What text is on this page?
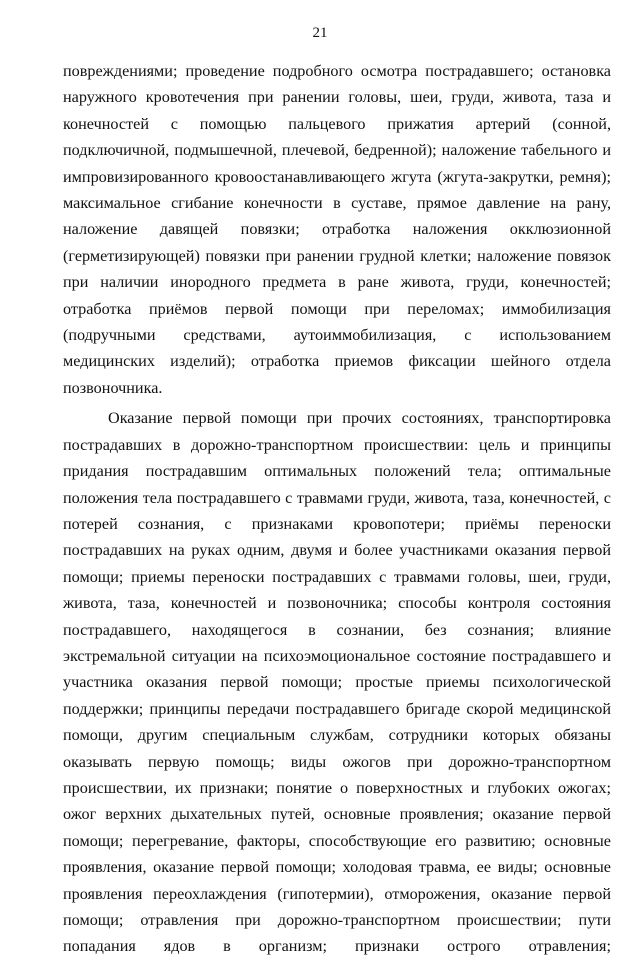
21

повреждениями; проведение подробного осмотра пострадавшего; остановка наружного кровотечения при ранении головы, шеи, груди, живота, таза и конечностей с помощью пальцевого прижатия артерий (сонной, подключичной, подмышечной, плечевой, бедренной); наложение табельного и импровизированного кровоостанавливающего жгута (жгута-закрутки, ремня); максимальное сгибание конечности в суставе, прямое давление на рану, наложение давящей повязки; отработка наложения окклюзионной (герметизирующей) повязки при ранении грудной клетки; наложение повязок при наличии инородного предмета в ране живота, груди, конечностей; отработка приёмов первой помощи при переломах; иммобилизация (подручными средствами, аутоиммобилизация, с использованием медицинских изделий); отработка приемов фиксации шейного отдела позвоночника.

Оказание первой помощи при прочих состояниях, транспортировка пострадавших в дорожно-транспортном происшествии: цель и принципы придания пострадавшим оптимальных положений тела; оптимальные положения тела пострадавшего с травмами груди, живота, таза, конечностей, с потерей сознания, с признаками кровопотери; приёмы переноски пострадавших на руках одним, двумя и более участниками оказания первой помощи; приемы переноски пострадавших с травмами головы, шеи, груди, живота, таза, конечностей и позвоночника; способы контроля состояния пострадавшего, находящегося в сознании, без сознания; влияние экстремальной ситуации на психоэмоциональное состояние пострадавшего и участника оказания первой помощи; простые приемы психологической поддержки; принципы передачи пострадавшего бригаде скорой медицинской помощи, другим специальным службам, сотрудники которых обязаны оказывать первую помощь; виды ожогов при дорожно-транспортном происшествии, их признаки; понятие о поверхностных и глубоких ожогах; ожог верхних дыхательных путей, основные проявления; оказание первой помощи; перегревание, факторы, способствующие его развитию; основные проявления, оказание первой помощи; холодовая травма, ее виды; основные проявления переохлаждения (гипотермии), отморожения, оказание первой помощи; отравления при дорожно-транспортном происшествии; пути попадания ядов в организм; признаки острого отравления;
